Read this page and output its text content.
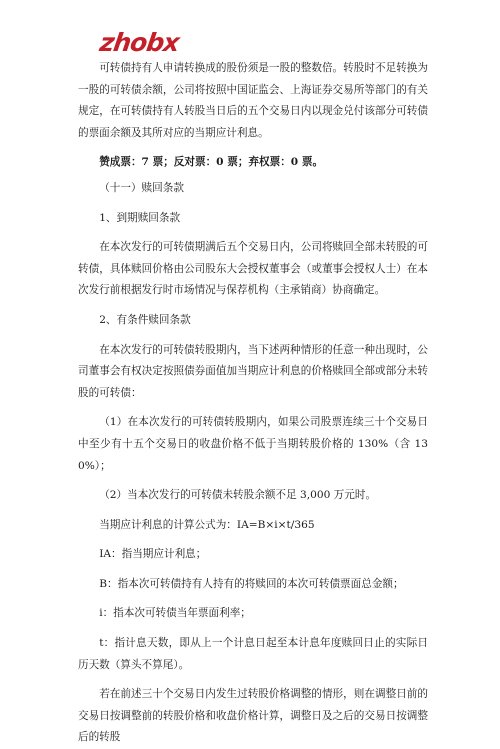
zhobx

可转债持有人申请转换成的股份须是一股的整数倍。转股时不足转换为一股的可转债余额，公司将按照中国证监会、上海证券交易所等部门的有关规定，在可转债持有人转股当日后的五个交易日内以现金兑付该部分可转债的票面余额及其所对应的当期应计利息。

赞成票：7 票；反对票：0 票；弃权票：0 票。

（十一）赎回条款

1、到期赎回条款

在本次发行的可转债期满后五个交易日内，公司将赎回全部未转股的可转债，具体赎回价格由公司股东大会授权董事会（或董事会授权人士）在本次发行前根据发行时市场情况与保荐机构（主承销商）协商确定。

2、有条件赎回条款

在本次发行的可转债转股期内，当下述两种情形的任意一种出现时，公司董事会有权决定按照债券面值加当期应计利息的价格赎回全部或部分未转股的可转债：

（1）在本次发行的可转债转股期内，如果公司股票连续三十个交易日中至少有十五个交易日的收盘价格不低于当期转股价格的 130%（含 130%）；

（2）当本次发行的可转债未转股余额不足 3,000 万元时。

当期应计利息的计算公式为：IA=B×i×t/365

IA：指当期应计利息；

B：指本次可转债持有人持有的将赎回的本次可转债票面总金额；

i：指本次可转债当年票面利率；

t：指计息天数，即从上一个计息日起至本计息年度赎回日止的实际日历天数（算头不算尾）。

若在前述三十个交易日内发生过转股价格调整的情形，则在调整日前的交易日按调整前的转股价格和收盘价格计算，调整日及之后的交易日按调整后的转股
